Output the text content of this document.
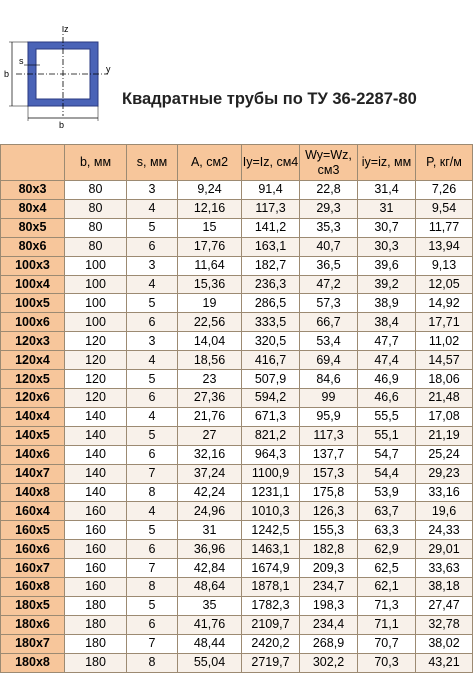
z
y
s
b
b
Квадратные трубы по ТУ 36-2287-80
	b, мм	s, мм	A, см2	Iy=Iz, см4	Wy=Wz, см3	iy=iz, мм	P, кг/м
80x3	80	3	9,24	91,4	22,8	31,4	7,26
80x4	80	4	12,16	117,3	29,3	31	9,54
80x5	80	5	15	141,2	35,3	30,7	11,77
80x6	80	6	17,76	163,1	40,7	30,3	13,94
100x3	100	3	11,64	182,7	36,5	39,6	9,13
100x4	100	4	15,36	236,3	47,2	39,2	12,05
100x5	100	5	19	286,5	57,3	38,9	14,92
100x6	100	6	22,56	333,5	66,7	38,4	17,71
120x3	120	3	14,04	320,5	53,4	47,7	11,02
120x4	120	4	18,56	416,7	69,4	47,4	14,57
120x5	120	5	23	507,9	84,6	46,9	18,06
120x6	120	6	27,36	594,2	99	46,6	21,48
140x4	140	4	21,76	671,3	95,9	55,5	17,08
140x5	140	5	27	821,2	117,3	55,1	21,19
140x6	140	6	32,16	964,3	137,7	54,7	25,24
140x7	140	7	37,24	1100,9	157,3	54,4	29,23
140x8	140	8	42,24	1231,1	175,8	53,9	33,16
160x4	160	4	24,96	1010,3	126,3	63,7	19,6
160x5	160	5	31	1242,5	155,3	63,3	24,33
160x6	160	6	36,96	1463,1	182,8	62,9	29,01
160x7	160	7	42,84	1674,9	209,3	62,5	33,63
160x8	160	8	48,64	1878,1	234,7	62,1	38,18
180x5	180	5	35	1782,3	198,3	71,3	27,47
180x6	180	6	41,76	2109,7	234,4	71,1	32,78
180x7	180	7	48,44	2420,2	268,9	70,7	38,02
180x8	180	8	55,04	2719,7	302,2	70,3	43,21
